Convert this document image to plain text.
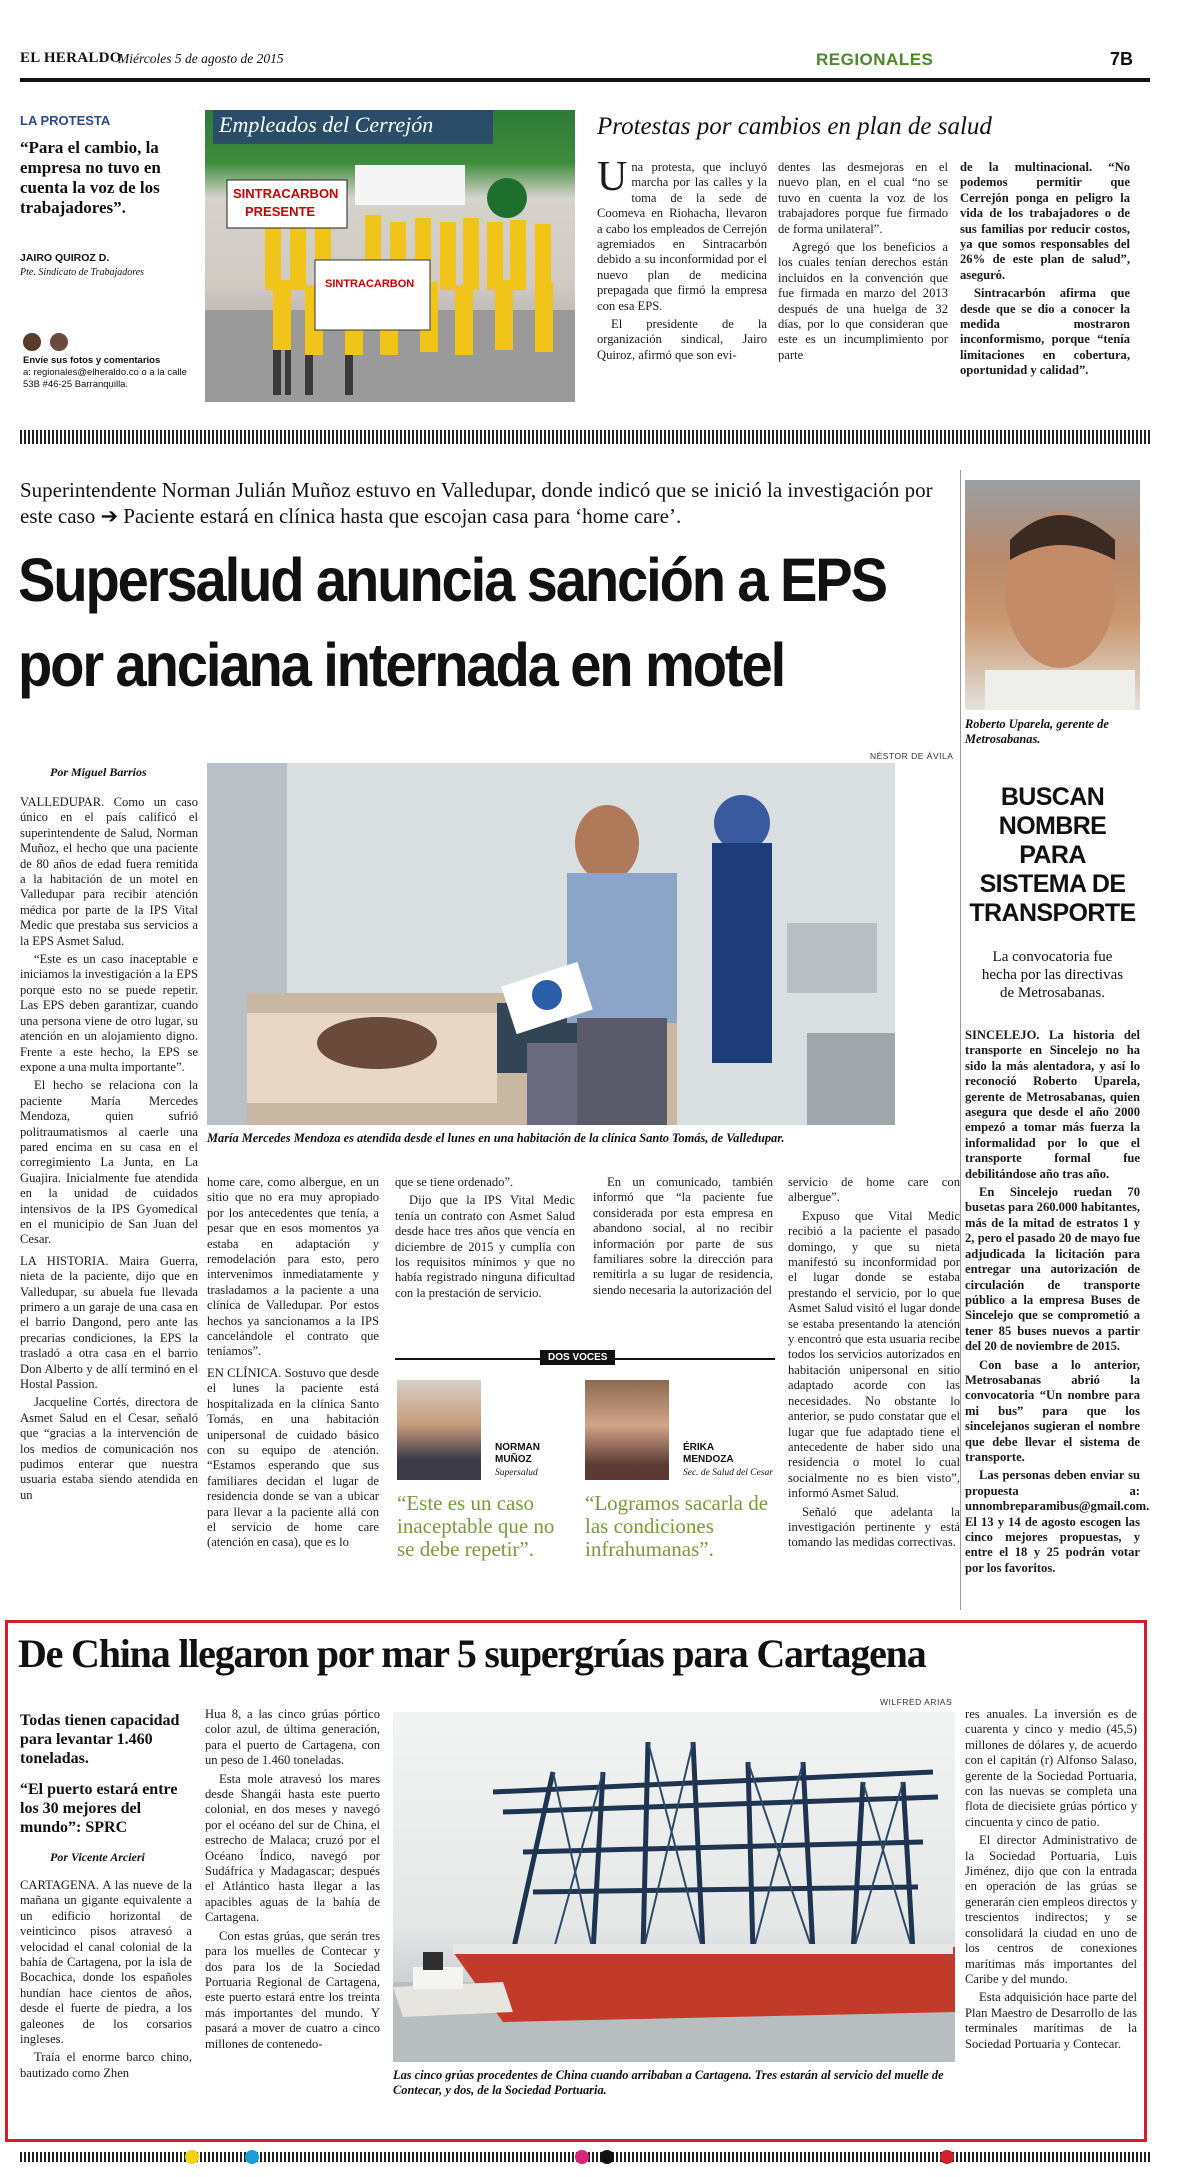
EL HERALDO
Miércoles 5 de agosto de 2015	REGIONALES	7B
LA PROTESTA
“Para el cambio, la empresa no tuvo en cuenta la voz de los trabajadores”.
JAIRO QUIROZ D.
Pte. Sindicato de Trabajadores
Envíe sus fotos y comentarios
a: regionales@elheraldo.co o a la calle 53B #46-25 Barranquilla.
Empleados del Cerrejón
SINTRACARBON
PRESENTE
SINTRACARBON
Protestas por cambios en plan de salud

Una protesta, que incluyó marcha por las calles y la toma de la sede de Coomeva en Riohacha, llevaron a cabo los empleados de Cerrejón agremiados en Sintracarbón debido a su inconformidad por el nuevo plan de medicina prepagada que firmó la empresa con esa EPS.

El presidente de la organización sindical, Jairo Quiroz, afirmó que son evi-

dentes las desmejoras en el nuevo plan, en el cual “no se tuvo en cuenta la voz de los trabajadores porque fue firmado de forma unilateral”.

Agregó que los beneficios a los cuales tenían derechos están incluidos en la convención que fue firmada en marzo del 2013 después de una huelga de 32 días, por lo que consideran que este es un incumplimiento por parte

de la multinacional. “No podemos permitir que Cerrejón ponga en peligro la vida de los trabajadores o de sus familias por reducir costos, ya que somos responsables del 26% de este plan de salud”, aseguró.

Sintracarbón afirma que desde que se dio a conocer la medida mostraron inconformismo, porque “tenía limitaciones en cobertura, oportunidad y calidad”.

Superintendente Norman Julián Muñoz estuvo en Valledupar, donde indicó que se inició la investigación por este caso ➔ Paciente estará en clínica hasta que escojan casa para ‘home care’.
Supersalud anuncia sanción a EPS
por anciana internada en motel
Por Miguel Barrios
NÉSTOR DE ÁVILA
María Mercedes Mendoza es atendida desde el lunes en una habitación de la clínica Santo Tomás, de Valledupar.

VALLEDUPAR. Como un caso único en el país calificó el superintendente de Salud, Norman Muñoz, el hecho que una paciente de 80 años de edad fuera remitida a la habitación de un motel en Valledupar para recibir atención médica por parte de la IPS Vital Medic que prestaba sus servicios a la EPS Asmet Salud.

“Este es un caso inaceptable e iniciamos la investigación a la EPS porque esto no se puede repetir. Las EPS deben garantizar, cuando una persona viene de otro lugar, su atención en un alojamiento digno. Frente a este hecho, la EPS se expone a una multa importante”.

El hecho se relaciona con la paciente María Mercedes Mendoza, quien sufrió politraumatismos al caerle una pared encima en su casa en el corregimiento La Junta, en La Guajira. Inicialmente fue atendida en la unidad de cuidados intensivos de la IPS Gyomedical en el municipio de San Juan del Cesar.

LA HISTORIA. Maira Guerra, nieta de la paciente, dijo que en Valledupar, su abuela fue llevada primero a un garaje de una casa en el barrio Dangond, pero ante las precarias condiciones, la EPS la trasladó a otra casa en el barrio Don Alberto y de allí terminó en el Hostal Passion.

Jacqueline Cortés, directora de Asmet Salud en el Cesar, señaló que “gracias a la intervención de los medios de comunicación nos pudimos enterar que nuestra usuaria estaba siendo atendida en un

home care, como albergue, en un sitio que no era muy apropiado por los antecedentes que tenía, a pesar que en esos momentos ya estaba en adaptación y remodelación para esto, pero intervenimos inmediatamente y trasladamos a la paciente a una clínica de Valledupar. Por estos hechos ya sancionamos a la IPS cancelándole el contrato que teníamos”.

EN CLÍNICA. Sostuvo que desde el lunes la paciente está hospitalizada en la clínica Santo Tomás, en una habitación unipersonal de cuidado básico con su equipo de atención. “Estamos esperando que sus familiares decidan el lugar de residencia donde se van a ubicar para llevar a la paciente allá con el servicio de home care (atención en casa), que es lo

que se tiene ordenado”.

Dijo que la IPS Vital Medic tenía un contrato con Asmet Salud desde hace tres años que vencía en diciembre de 2015 y cumplía con los requisitos mínimos y que no había registrado ninguna dificultad con la prestación de servicio.

En un comunicado, también informó que “la paciente fue considerada por esta empresa en abandono social, al no recibir información por parte de sus familiares sobre la dirección para remitirla a su lugar de residencia, siendo necesaria la autorización del

servicio de home care con albergue”.

Expuso que Vital Medic recibió a la paciente el pasado domingo, y que su nieta manifestó su inconformidad por el lugar donde se estaba prestando el servicio, por lo que Asmet Salud visitó el lugar donde se estaba presentando la atención y encontró que esta usuaria recibe todos los servicios autorizados en habitación unipersonal en sitio adaptado acorde con las necesidades. No obstante lo anterior, se pudo constatar que el lugar que fue adaptado tiene el antecedente de haber sido una residencia o motel lo cual socialmente no es bien visto”, informó Asmet Salud.

Señaló que adelanta la investigación pertinente y está tomando las medidas correctivas.

DOS VOCES
NORMAN MUÑOZ
Supersalud
“Este es un caso inaceptable que no se debe repetir”.
ÉRIKA MENDOZA
Sec. de Salud del Cesar
“Logramos sacarla de las condiciones infrahumanas”.
Roberto Uparela, gerente de Metrosabanas.
BUSCAN NOMBRE PARA SISTEMA DE TRANSPORTE
La convocatoria fue hecha por las directivas de Metrosabanas.

SINCELEJO. La historia del transporte en Sincelejo no ha sido la más alentadora, y así lo reconoció Roberto Uparela, gerente de Metrosabanas, quien asegura que desde el año 2000 empezó a tomar más fuerza la informalidad por lo que el transporte formal fue debilitándose año tras año.

En Sincelejo ruedan 70 busetas para 260.000 habitantes, más de la mitad de estratos 1 y 2, pero el pasado 20 de mayo fue adjudicada la licitación para entregar una autorización de circulación de transporte público a la empresa Buses de Sincelejo que se comprometió a tener 85 buses nuevos a partir del 20 de noviembre de 2015.

Con base a lo anterior, Metrosabanas abrió la convocatoria “Un nombre para mi bus” para que los sincelejanos sugieran el nombre que debe llevar el sistema de transporte.

Las personas deben enviar su propuesta a: unnombreparamibus@gmail.com. El 13 y 14 de agosto escogen las cinco mejores propuestas, y entre el 18 y 25 podrán votar por los favoritos.

De China llegaron por mar 5 supergrúas para Cartagena
WILFRED ARIAS
Todas tienen capacidad para levantar 1.460 toneladas.
“El puerto estará entre los 30 mejores del mundo”: SPRC
Por Vicente Arcieri

CARTAGENA. A las nueve de la mañana un gigante equivalente a un edificio horizontal de veinticinco pisos atravesó a velocidad el canal colonial de la bahía de Cartagena, por la isla de Bocachica, donde los españoles hundían hace cientos de años, desde el fuerte de piedra, a los galeones de los corsarios ingleses.

Traía el enorme barco chino, bautizado como Zhen

Hua 8, a las cinco grúas pórtico color azul, de última generación, para el puerto de Cartagena, con un peso de 1.460 toneladas.

Esta mole atravesó los mares desde Shangái hasta este puerto colonial, en dos meses y navegó por el océano del sur de China, el estrecho de Malaca; cruzó por el Océano Índico, navegó por Sudáfrica y Madagascar; después el Atlántico hasta llegar a las apacibles aguas de la bahía de Cartagena.

Con estas grúas, que serán tres para los muelles de Contecar y dos para los de la Sociedad Portuaria Regional de Cartagena, este puerto estará entre los treinta más importantes del mundo. Y pasará a mover de cuatro a cinco millones de contenedo-

Las cinco grúas procedentes de China cuando arribaban a Cartagena. Tres estarán al servicio del muelle de Contecar, y dos, de la Sociedad Portuaria.

res anuales. La inversión es de cuarenta y cinco y medio (45,5) millones de dólares y, de acuerdo con el capitán (r) Alfonso Salaso, gerente de la Sociedad Portuaria, con las nuevas se completa una flota de diecisiete grúas pórtico y cincuenta y cinco de patio.

El director Administrativo de la Sociedad Portuaria, Luis Jiménez, dijo que con la entrada en operación de las grúas se generarán cien empleos directos y trescientos indirectos; y se consolidará la ciudad en uno de los centros de conexiones marítimas más importantes del Caribe y del mundo.

Esta adquisición hace parte del Plan Maestro de Desarrollo de las terminales marítimas de la Sociedad Portuaria y Contecar.
